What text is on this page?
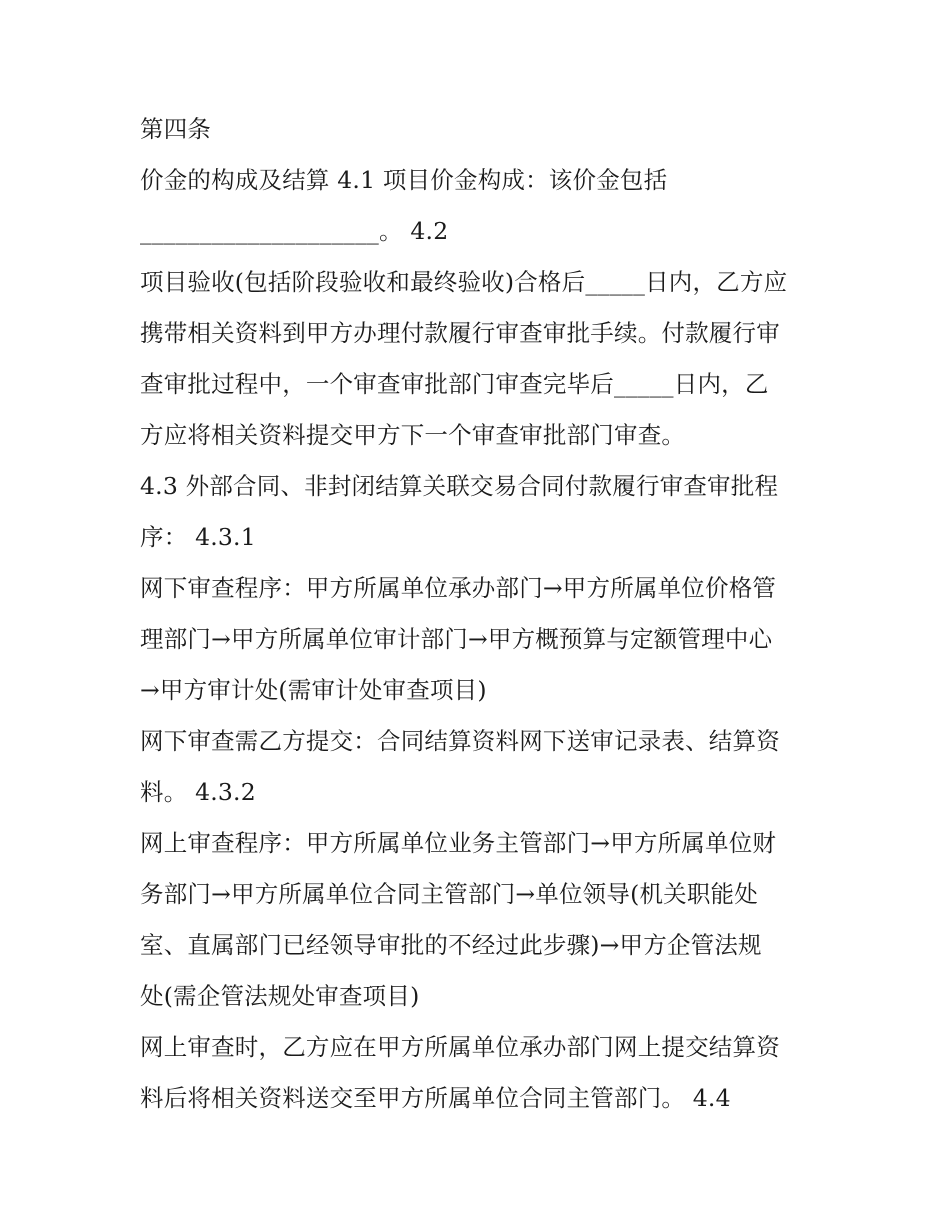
第四条
价金的构成及结算 4.1 项目价金构成：该价金包括
____________________。 4.2
项目验收(包括阶段验收和最终验收)合格后_____日内，乙方应
携带相关资料到甲方办理付款履行审查审批手续。付款履行审
查审批过程中，一个审查审批部门审查完毕后_____日内，乙
方应将相关资料提交甲方下一个审查审批部门审查。
4.3 外部合同、非封闭结算关联交易合同付款履行审查审批程
序： 4.3.1
网下审查程序：甲方所属单位承办部门→甲方所属单位价格管
理部门→甲方所属单位审计部门→甲方概预算与定额管理中心
→甲方审计处(需审计处审查项目)
网下审查需乙方提交：合同结算资料网下送审记录表、结算资
料。 4.3.2
网上审查程序：甲方所属单位业务主管部门→甲方所属单位财
务部门→甲方所属单位合同主管部门→单位领导(机关职能处
室、直属部门已经领导审批的不经过此步骤)→甲方企管法规
处(需企管法规处审查项目)
网上审查时，乙方应在甲方所属单位承办部门网上提交结算资
料后将相关资料送交至甲方所属单位合同主管部门。 4.4
